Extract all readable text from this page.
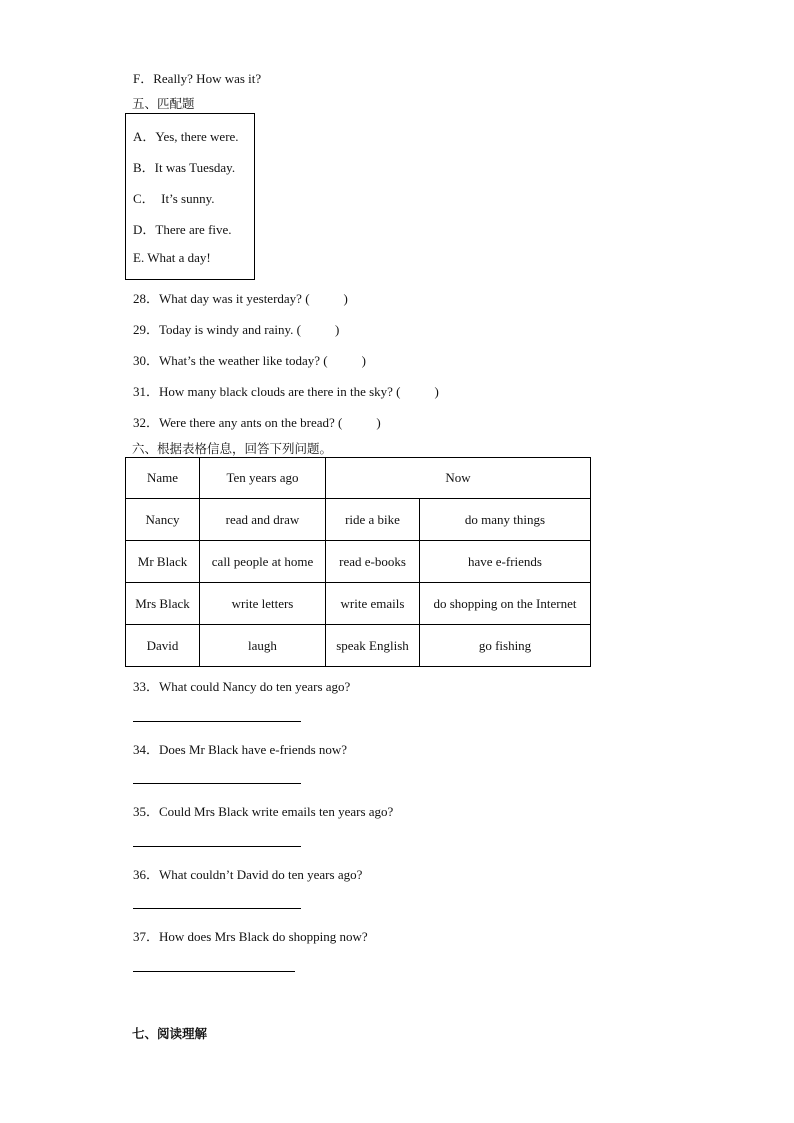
F．Really? How was it?
五、匹配题
A．Yes, there were.
B．It was Tuesday.
C．  It’s sunny.
D．There are five.
E. What a day!
28．What day was it yesterday? (	)
29．Today is windy and rainy. (	)
30．What’s the weather like today? (	)
31．How many black clouds are there in the sky? (	)
32．Were there any ants on the bread? (	)
六、根据表格信息，回答下列问题。
Name	Ten years ago	Now	
Nancy	read and draw	ride a bike	do many things
Mr Black	call people at home	read e-books	have e-friends
Mrs Black	write letters	write emails	do shopping on the Internet
David	laugh	speak English	go fishing
33．What could Nancy do ten years ago?
34．Does Mr Black have e-friends now?
35．Could Mrs Black write emails ten years ago?
36．What couldn’t David do ten years ago?
37．How does Mrs Black do shopping now?
七、阅读理解
